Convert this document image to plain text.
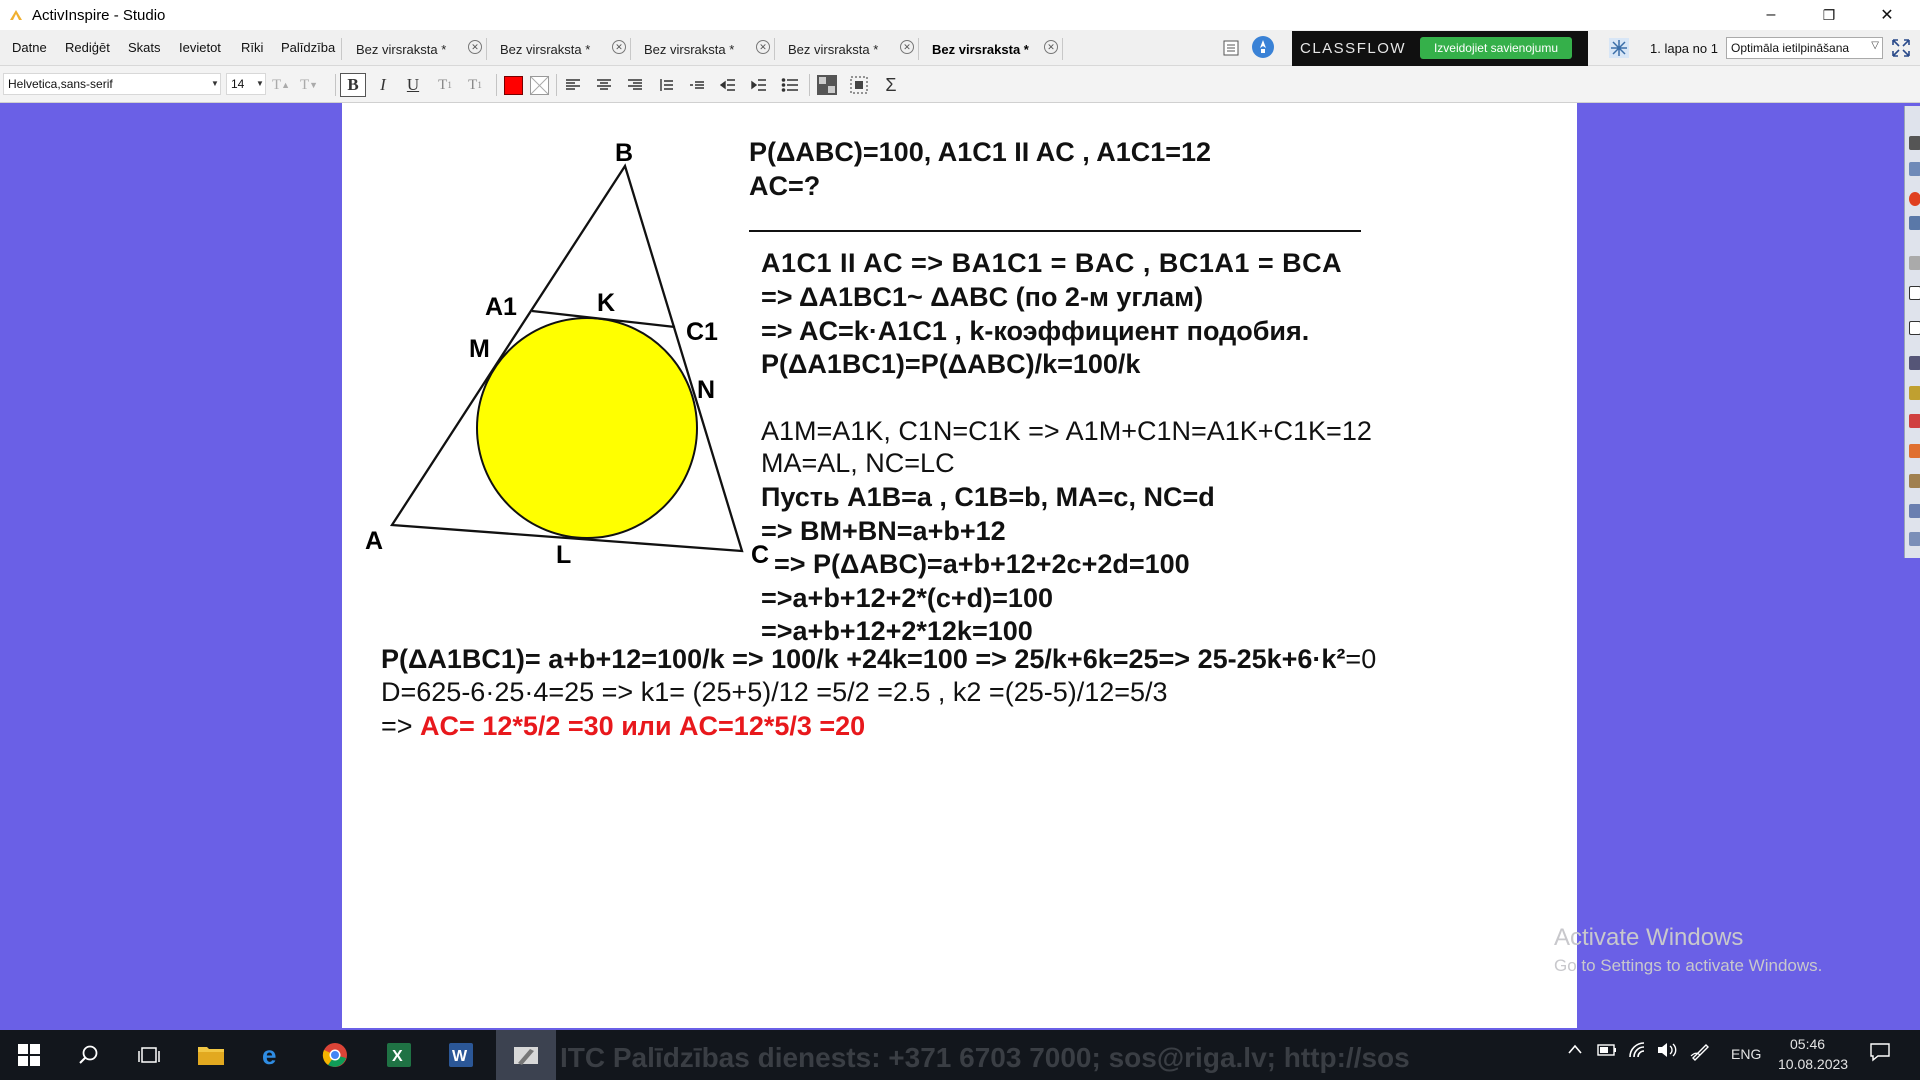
ActivInspire - Studio	–	❐	✕
Datne Rediģēt Skats Ievietot Rīki Palīdzība Bez virsraksta *	✕ Bez virsraksta *	✕ Bez virsraksta *	✕ Bez virsraksta *	✕ Bez virsraksta *	✕	CLASSFLOW	Izveidojiet savienojumu	1. lapa no 1	Optimāla ietilpināšana ▽
Helvetica,sans-serif	▼	14	▼ T ▲ T ▼	B	I	U	T 1	T 1	Σ
B
A1	K
C1
M
N
A	L	C
P(ΔABC)=100, A1C1 II AC , A1C1=12
AC=?
A1C1 II AC => BA1C1 = BAC , BC1A1 = BCA
=> ΔA1BC1~ ΔABC (по 2-м углам)
=> AC=k·A1C1 , k-коэффициент подобия.
P(ΔA1BC1)=P(ΔABC)/k=100/k
A1M=A1K, C1N=C1K => A1M+C1N=A1K+C1K=12
MA=AL, NC=LC
Пусть A1B=a , C1B=b, MA=c, NC=d
=> BM+BN=a+b+12
=> P(ΔABC)=a+b+12+2c+2d=100
=>a+b+12+2*(c+d)=100
=>a+b+12+2*12k=100
P(ΔA1BC1)= a+b+12=100/k => 100/k +24k=100 => 25/k+6k=25=> 25-25k+6·k²=0
D=625-6·25·4=25 => k1= (25+5)/12 =5/2 =2.5 , k2 =(25-5)/12=5/3
=> AC= 12*5/2 =30 или AC=12*5/3 =20
Activate Windows
Go to Settings to activate Windows.
ITC Palīdzības dienests: +371 6703 7000; sos@riga.lv; http://sos
e	X	W	ENG
05:46
10.08.2023
